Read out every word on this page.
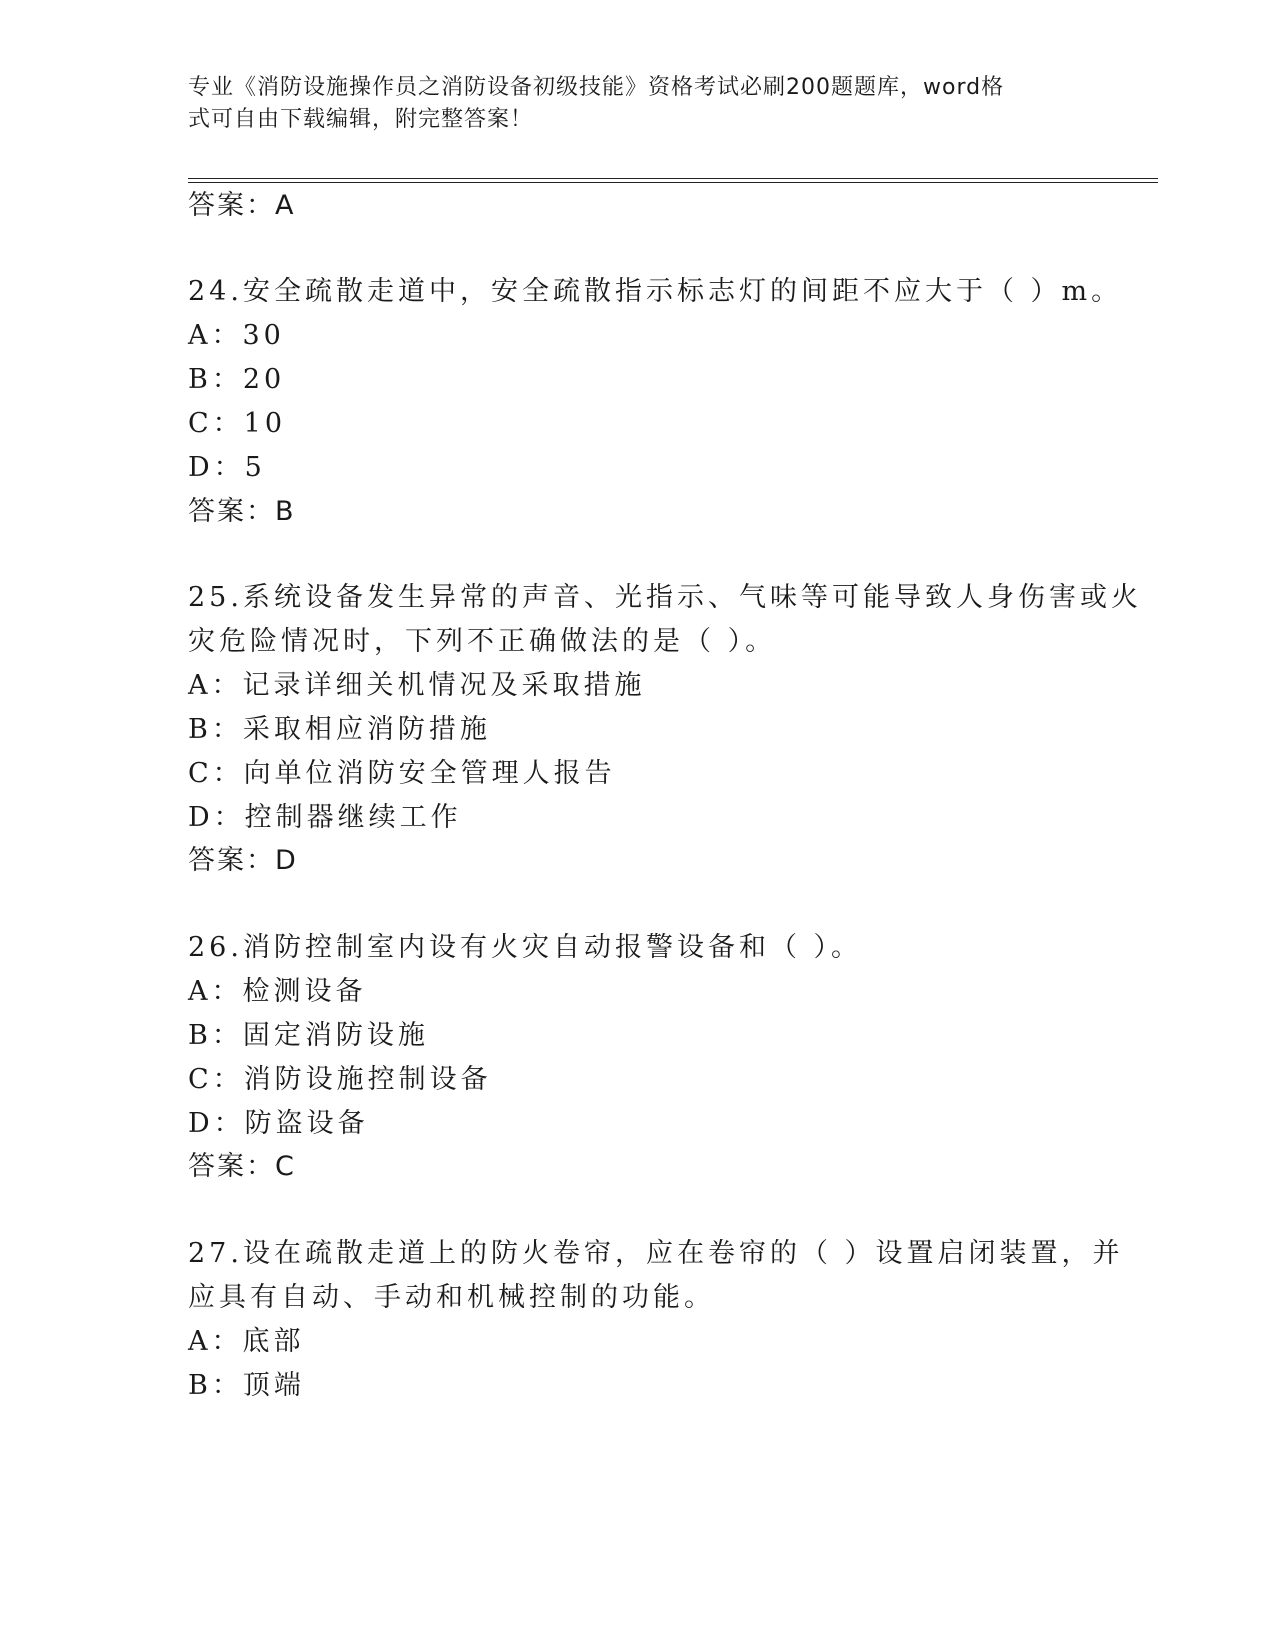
专业《消防设施操作员之消防设备初级技能》资格考试必刷200题题库，word格
式可自由下载编辑，附完整答案！
答案：A
24.安全疏散走道中，安全疏散指示标志灯的间距不应大于（ ）m。
A：30
B：20
C：10
D：5
答案：B
25.系统设备发生异常的声音、光指示、气味等可能导致人身伤害或火
灾危险情况时，下列不正确做法的是（ ）。
A：记录详细关机情况及采取措施
B：采取相应消防措施
C：向单位消防安全管理人报告
D：控制器继续工作
答案：D
26.消防控制室内设有火灾自动报警设备和（ ）。
A：检测设备
B：固定消防设施
C：消防设施控制设备
D：防盗设备
答案：C
27.设在疏散走道上的防火卷帘，应在卷帘的（ ）设置启闭装置，并
应具有自动、手动和机械控制的功能。
A：底部
B：顶端
